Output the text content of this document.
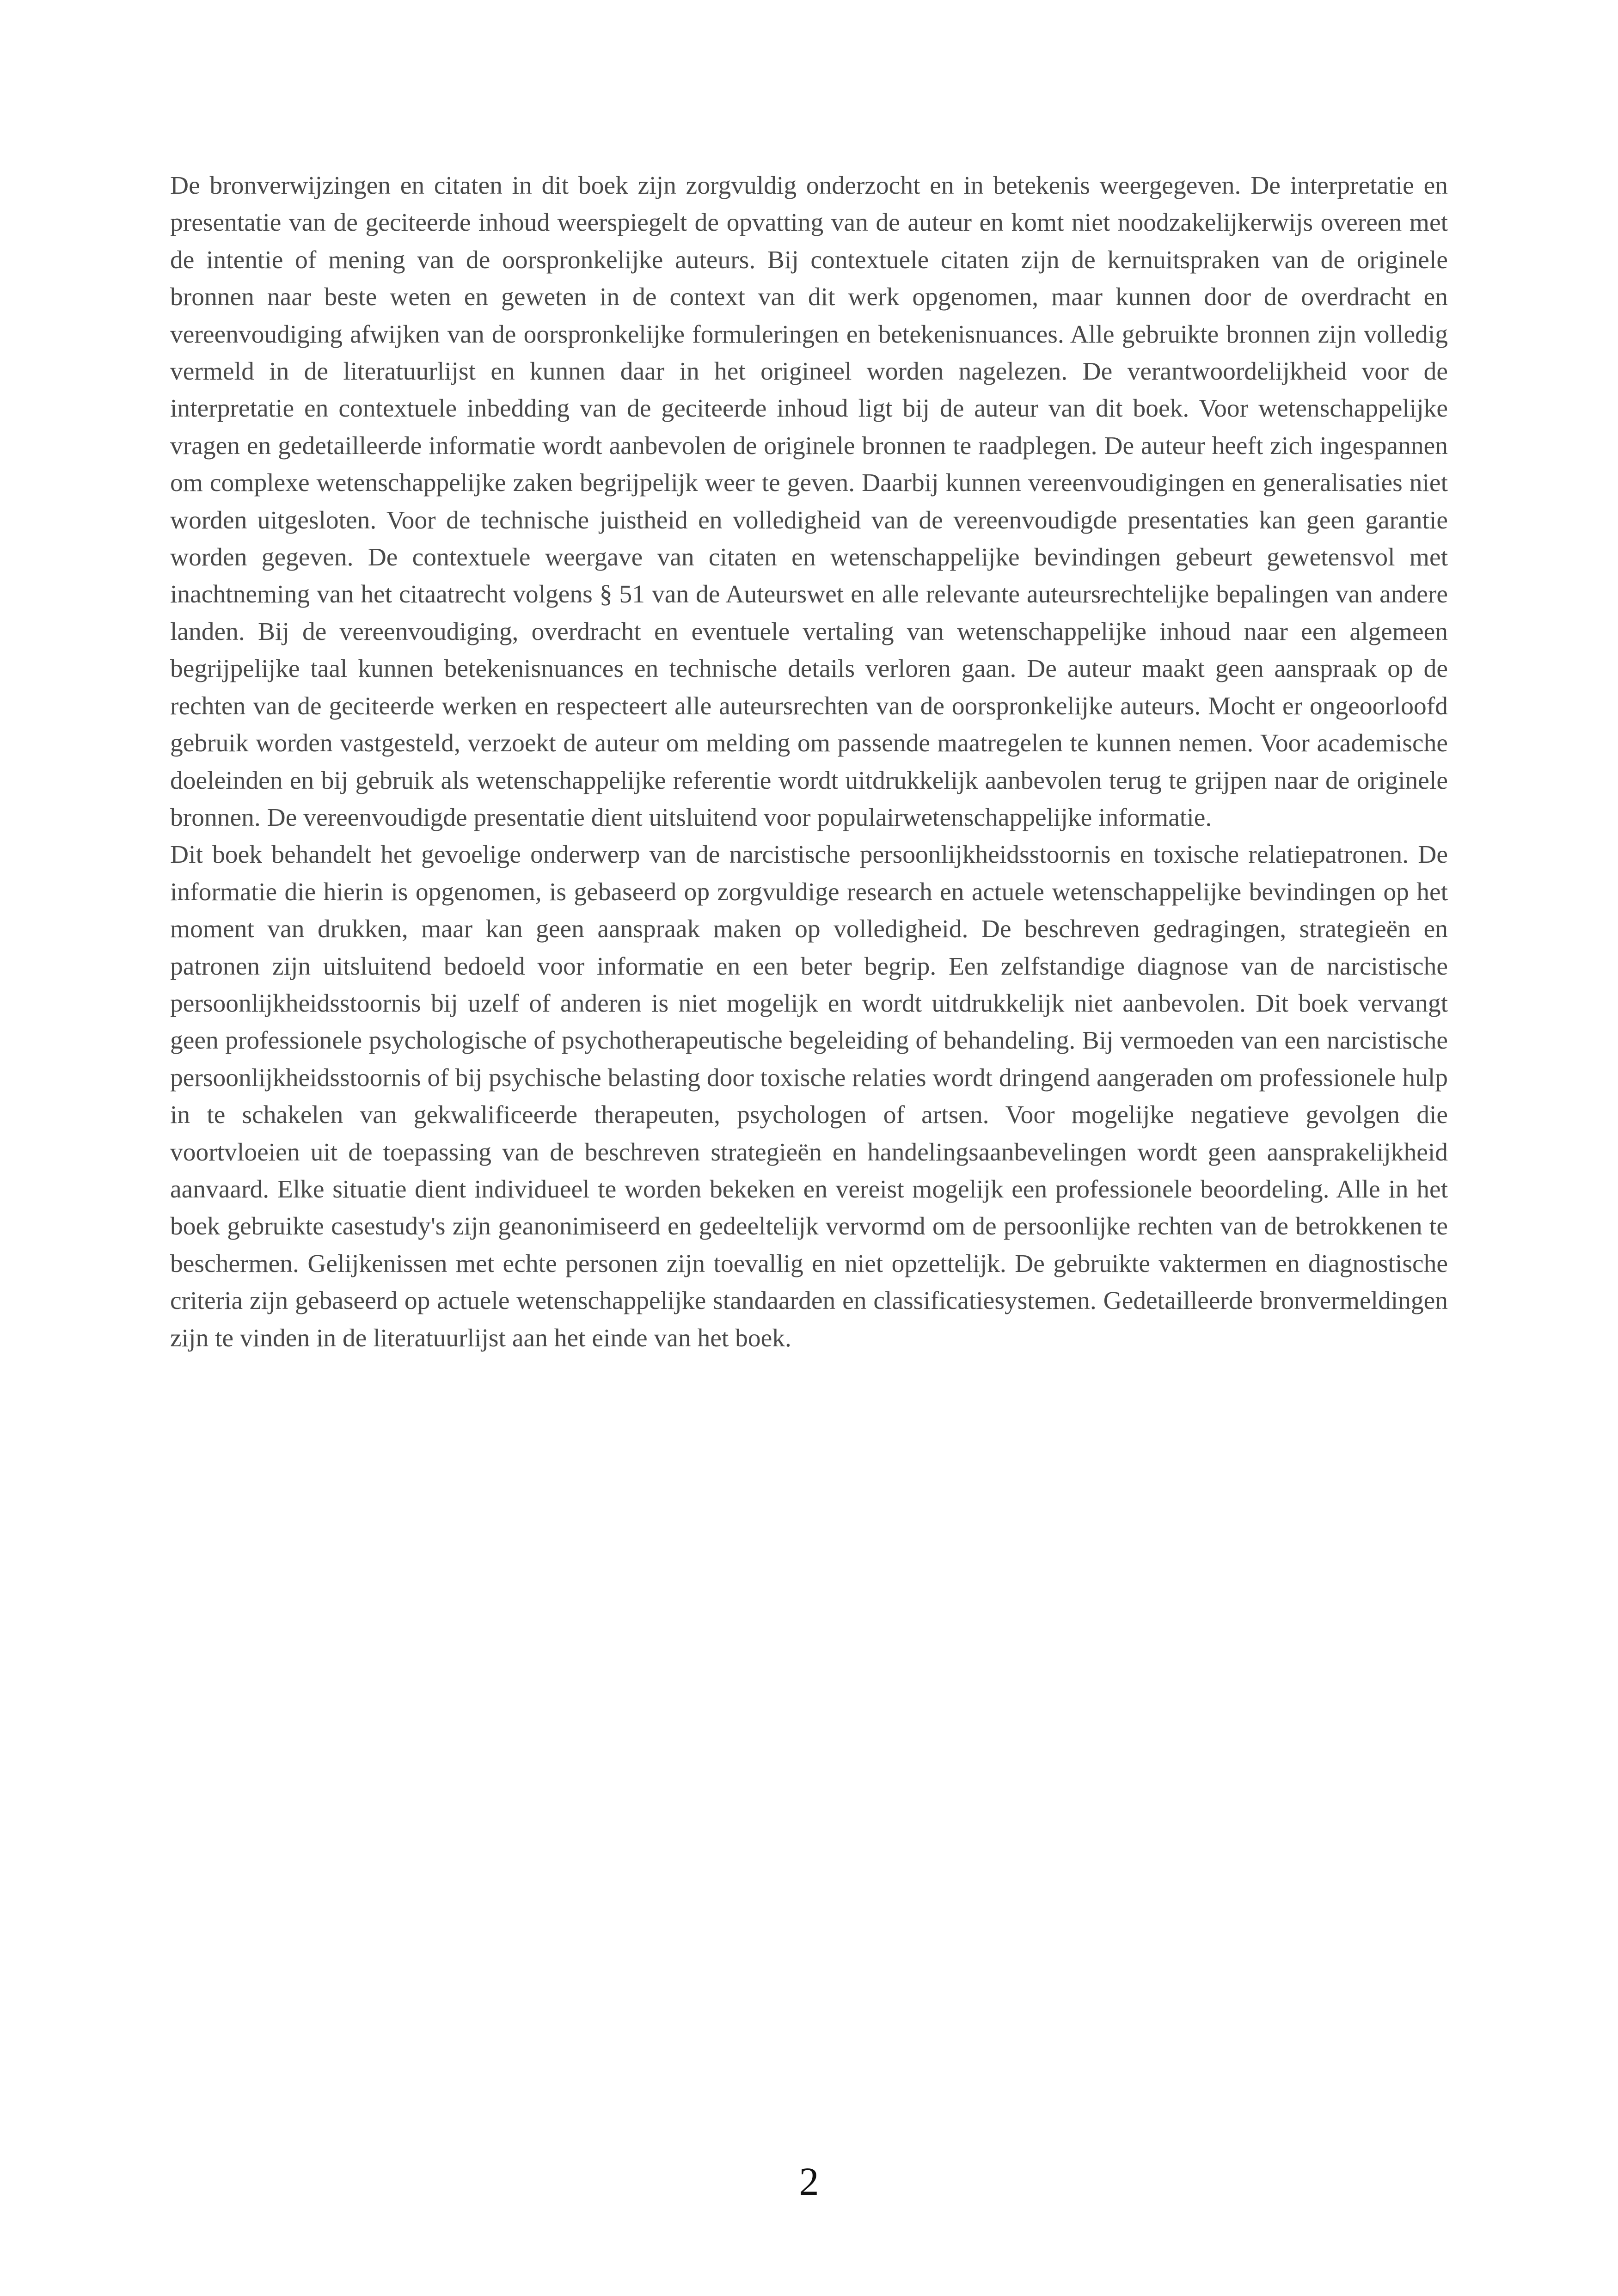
De bronverwijzingen en citaten in dit boek zijn zorgvuldig onderzocht en in betekenis weergegeven. De interpretatie en presentatie van de geciteerde inhoud weerspiegelt de opvatting van de auteur en komt niet noodzakelijkerwijs overeen met de intentie of mening van de oorspronkelijke auteurs. Bij contextuele citaten zijn de kernuitspraken van de originele bronnen naar beste weten en geweten in de context van dit werk opgenomen, maar kunnen door de overdracht en vereenvoudiging afwijken van de oorspronkelijke formuleringen en betekenisnuances. Alle gebruikte bronnen zijn volledig vermeld in de literatuurlijst en kunnen daar in het origineel worden nagelezen. De verantwoordelijkheid voor de interpretatie en contextuele inbedding van de geciteerde inhoud ligt bij de auteur van dit boek. Voor wetenschappelijke vragen en gedetailleerde informatie wordt aanbevolen de originele bronnen te raadplegen. De auteur heeft zich ingespannen om complexe wetenschappelijke zaken begrijpelijk weer te geven. Daarbij kunnen vereenvoudigingen en generalisaties niet worden uitgesloten. Voor de technische juistheid en volledigheid van de vereenvoudigde presentaties kan geen garantie worden gegeven. De contextuele weergave van citaten en wetenschappelijke bevindingen gebeurt gewetensvol met inachtneming van het citaatrecht volgens § 51 van de Auteurswet en alle relevante auteursrechtelijke bepalingen van andere landen. Bij de vereenvoudiging, overdracht en eventuele vertaling van wetenschappelijke inhoud naar een algemeen begrijpelijke taal kunnen betekenisnuances en technische details verloren gaan. De auteur maakt geen aanspraak op de rechten van de geciteerde werken en respecteert alle auteursrechten van de oorspronkelijke auteurs. Mocht er ongeoorloofd gebruik worden vastgesteld, verzoekt de auteur om melding om passende maatregelen te kunnen nemen. Voor academische doeleinden en bij gebruik als wetenschappelijke referentie wordt uitdrukkelijk aanbevolen terug te grijpen naar de originele bronnen. De vereenvoudigde presentatie dient uitsluitend voor populairwetenschappelijke informatie.

Dit boek behandelt het gevoelige onderwerp van de narcistische persoonlijkheidsstoornis en toxische relatiepatronen. De informatie die hierin is opgenomen, is gebaseerd op zorgvuldige research en actuele wetenschappelijke bevindingen op het moment van drukken, maar kan geen aanspraak maken op volledigheid. De beschreven gedragingen, strategieën en patronen zijn uitsluitend bedoeld voor informatie en een beter begrip. Een zelfstandige diagnose van de narcistische persoonlijkheidsstoornis bij uzelf of anderen is niet mogelijk en wordt uitdrukkelijk niet aanbevolen. Dit boek vervangt geen professionele psychologische of psychotherapeutische begeleiding of behandeling. Bij vermoeden van een narcistische persoonlijkheidsstoornis of bij psychische belasting door toxische relaties wordt dringend aangeraden om professionele hulp in te schakelen van gekwalificeerde therapeuten, psychologen of artsen. Voor mogelijke negatieve gevolgen die voortvloeien uit de toepassing van de beschreven strategieën en handelingsaanbevelingen wordt geen aansprakelijkheid aanvaard. Elke situatie dient individueel te worden bekeken en vereist mogelijk een professionele beoordeling. Alle in het boek gebruikte casestudy's zijn geanonimiseerd en gedeeltelijk vervormd om de persoonlijke rechten van de betrokkenen te beschermen. Gelijkenissen met echte personen zijn toevallig en niet opzettelijk. De gebruikte vaktermen en diagnostische criteria zijn gebaseerd op actuele wetenschappelijke standaarden en classificatiesystemen. Gedetailleerde bronvermeldingen zijn te vinden in de literatuurlijst aan het einde van het boek.

2
